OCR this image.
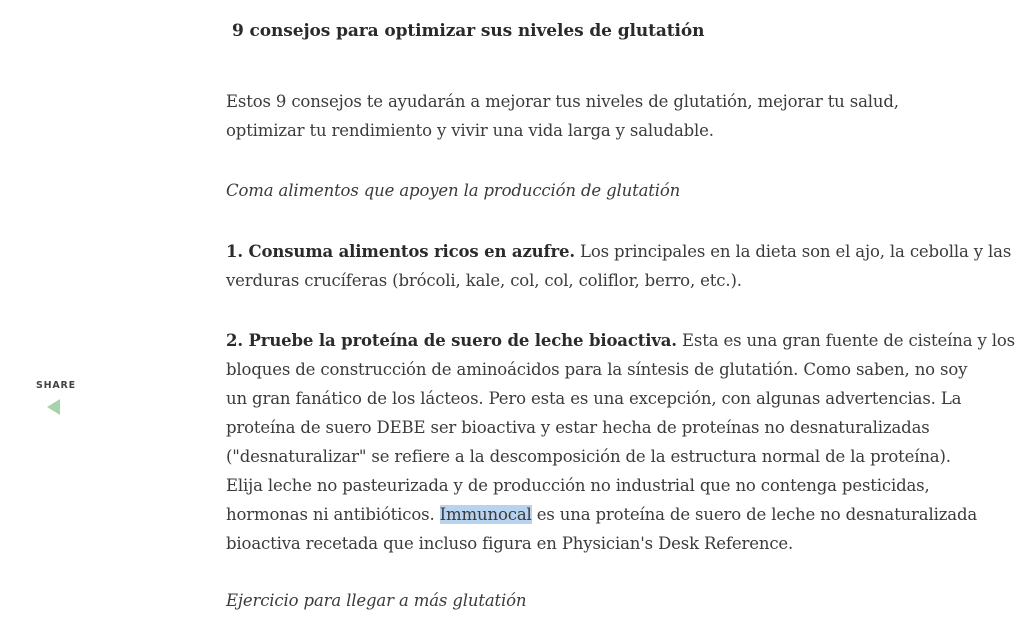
9 consejos para optimizar sus niveles de glutatión

Estos 9 consejos te ayudarán a mejorar tus niveles de glutatión, mejorar tu salud,
optimizar tu rendimiento y vivir una vida larga y saludable.

Coma alimentos que apoyen la producción de glutatión

1. Consuma alimentos ricos en azufre. Los principales en la dieta son el ajo, la cebolla y las
verduras crucíferas (brócoli, kale, col, col, coliflor, berro, etc.).

2. Pruebe la proteína de suero de leche bioactiva. Esta es una gran fuente de cisteína y los
bloques de construcción de aminoácidos para la síntesis de glutatión. Como saben, no soy
un gran fanático de los lácteos. Pero esta es una excepción, con algunas advertencias. La
proteína de suero DEBE ser bioactiva y estar hecha de proteínas no desnaturalizadas
("desnaturalizar" se refiere a la descomposición de la estructura normal de la proteína).
Elija leche no pasteurizada y de producción no industrial que no contenga pesticidas,
hormonas ni antibióticos. Immunocal es una proteína de suero de leche no desnaturalizada
bioactiva recetada que incluso figura en Physician's Desk Reference.

Ejercicio para llegar a más glutatión

SHARE
